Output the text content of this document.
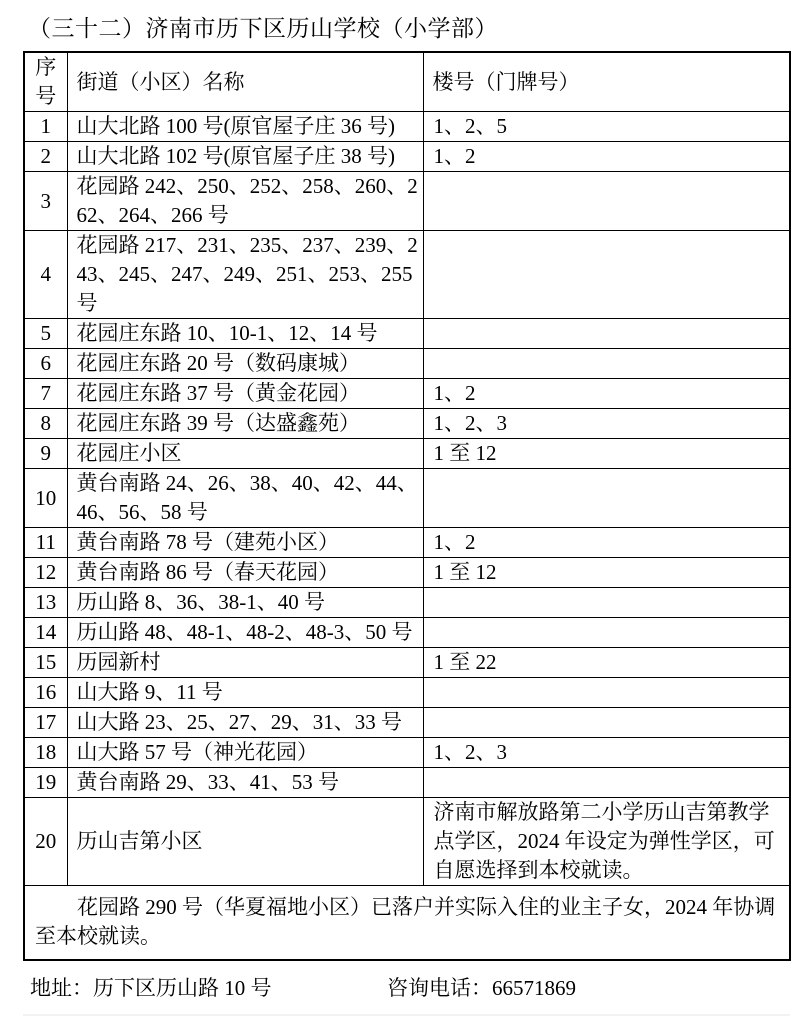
（三十二）济南市历下区历山学校（小学部）
序号	街道（小区）名称	楼号（门牌号）
1	山大北路 100 号(原官屋子庄 36 号)	1、2、5
2	山大北路 102 号(原官屋子庄 38 号)	1、2
3	花园路 242、250、252、258、260、262、264、266 号	
4	花园路 217、231、235、237、239、243、245、247、249、251、253、255 号	
5	花园庄东路 10、10-1、12、14 号	
6	花园庄东路 20 号（数码康城）	
7	花园庄东路 37 号（黄金花园）	1、2
8	花园庄东路 39 号（达盛鑫苑）	1、2、3
9	花园庄小区	1 至 12
10	黄台南路 24、26、38、40、42、44、46、56、58 号	
11	黄台南路 78 号（建苑小区）	1、2
12	黄台南路 86 号（春天花园）	1 至 12
13	历山路 8、36、38-1、40 号	
14	历山路 48、48-1、48-2、48-3、50 号	
15	历园新村	1 至 22
16	山大路 9、11 号	
17	山大路 23、25、27、29、31、33 号	
18	山大路 57 号（神光花园）	1、2、3
19	黄台南路 29、33、41、53 号	
20	历山吉第小区	济南市解放路第二小学历山吉第教学点学区，2024 年设定为弹性学区，可自愿选择到本校就读。
花园路 290 号（华夏福地小区）已落户并实际入住的业主子女，2024 年协调至本校就读。		
地址：历下区历山路 10 号	咨询电话：66571869
